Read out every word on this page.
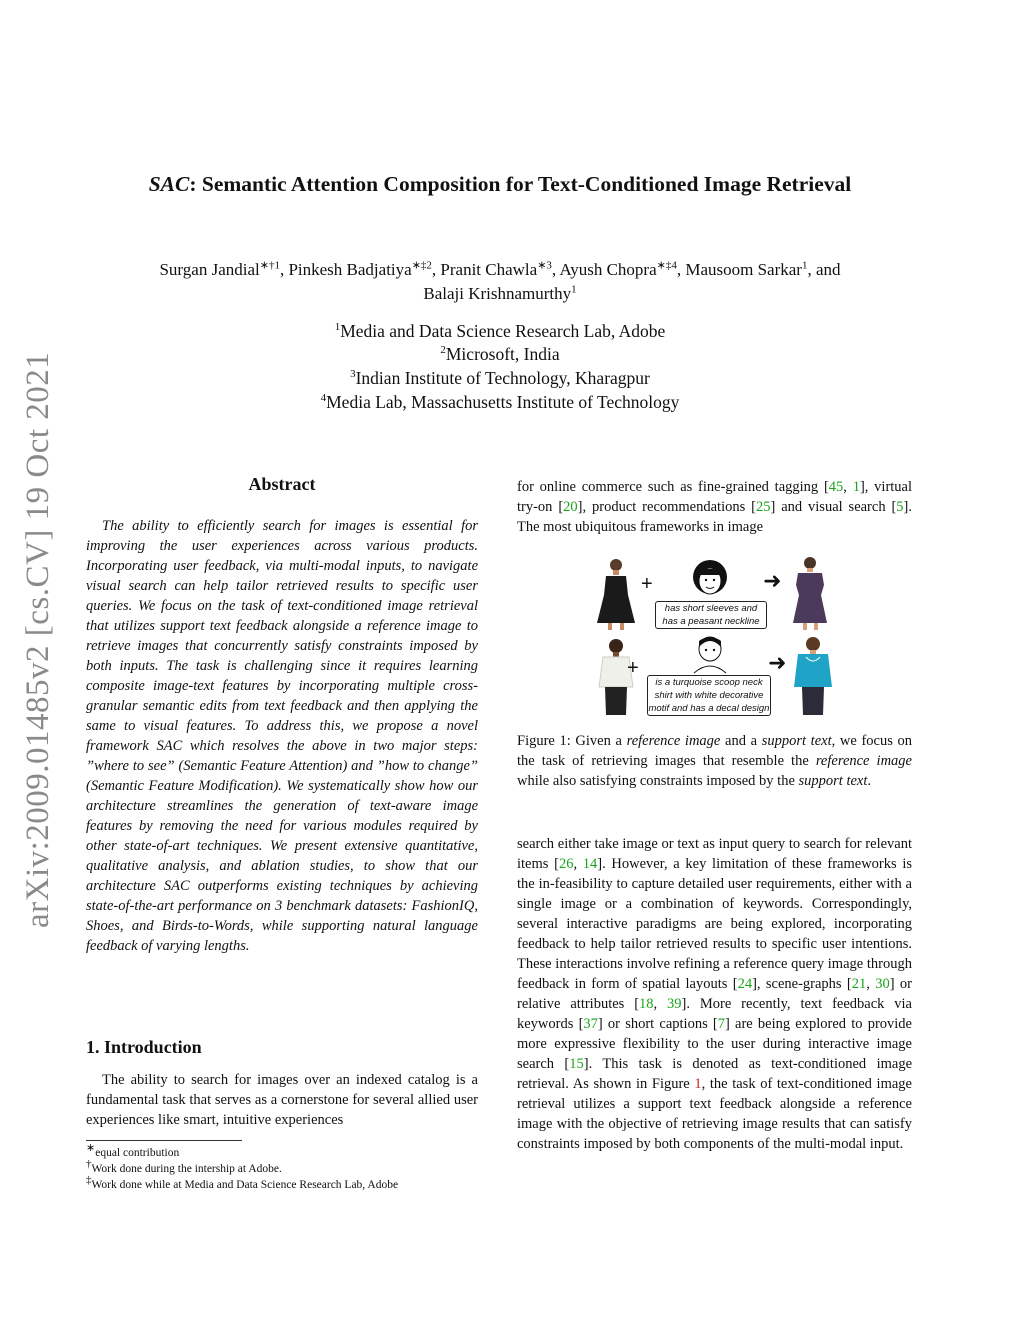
SAC: Semantic Attention Composition for Text-Conditioned Image Retrieval
Surgan Jandial$^{∗\dagger 1}$, Pinkesh Badjatiya$^{∗\ddagger 2}$, Pranit Chawla$^{∗3}$, Ayush Chopra$^{∗\ddagger 4}$, Mausoom Sarkar$^1$, and
Balaji Krishnamurthy$^1$
$^1$Media and Data Science Research Lab, Adobe
$^2$Microsoft, India
$^3$Indian Institute of Technology, Kharagpur
$^4$Media Lab, Massachusetts Institute of Technology
arXiv:2009.01485v2 [cs.CV] 19 Oct 2021	Abstract

The ability to efficiently search for images is essential for improving the user experiences across various products. Incorporating user feedback, via multi-modal inputs, to navigate visual search can help tailor retrieved results to specific user queries. We focus on the task of text-conditioned image retrieval that utilizes support text feedback alongside a reference image to retrieve images that concurrently satisfy constraints imposed by both inputs. The task is challenging since it requires learning composite image-text features by incorporating multiple cross-granular semantic edits from text feedback and then applying the same to visual features. To address this, we propose a novel framework SAC which resolves the above in two major steps: ”where to see” (Semantic Feature Attention) and ”how to change” (Semantic Feature Modification). We systematically show how our architecture streamlines the generation of text-aware image features by removing the need for various modules required by other state-of-art techniques. We present extensive quantitative, qualitative analysis, and ablation studies, to show that our architecture SAC outperforms existing techniques by achieving state-of-the-art performance on 3 benchmark datasets: FashionIQ, Shoes, and Birds-to-Words, while supporting natural language feedback of varying lengths.

1. Introduction

The ability to search for images over an indexed catalog is a fundamental task that serves as a cornerstone for several allied user experiences like smart, intuitive experiences

∗equal contribution
†Work done during the intership at Adobe.
‡Work done while at Media and Data Science Research Lab, Adobe

for online commerce such as fine-grained tagging [45, 1], virtual try-on [20], product recommendations [25] and visual search [5]. The most ubiquitous frameworks in image

+
has short sleeves and
has a peasant neckline
➜
+
is a turquoise scoop neck
shirt with white decorative
motif and has a decal design
➜
Figure 1: Given a reference image and a support text, we focus on the task of retrieving images that resemble the reference image while also satisfying constraints imposed by the support text.

search either take image or text as input query to search for relevant items [26, 14]. However, a key limitation of these frameworks is the in-feasibility to capture detailed user requirements, either with a single image or a combination of keywords. Correspondingly, several interactive paradigms are being explored, incorporating feedback to help tailor retrieved results to specific user intentions. These interactions involve refining a reference query image through feedback in form of spatial layouts [24], scene-graphs [21, 30] or relative attributes [18, 39]. More recently, text feedback via keywords [37] or short captions [7] are being explored to provide more expressive flexibility to the user during interactive image search [15]. This task is denoted as text-conditioned image retrieval. As shown in Figure 1, the task of text-conditioned image retrieval utilizes a support text feedback alongside a reference image with the objective of retrieving image results that can satisfy constraints imposed by both components of the multi-modal input.
